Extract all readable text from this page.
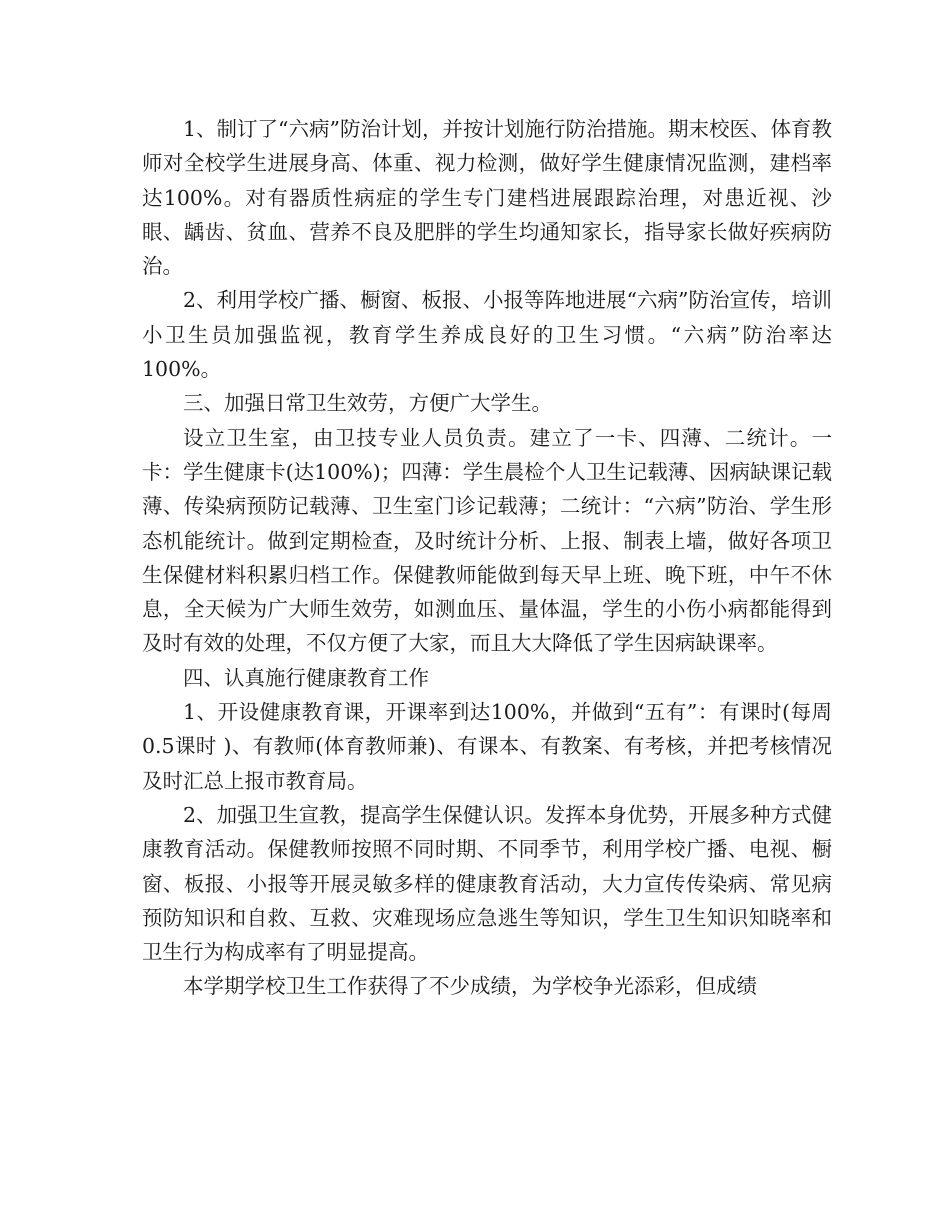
1、制订了“六病”防治计划，并按计划施行防治措施。期末校医、体育教师对全校学生进展身高、体重、视力检测，做好学生健康情况监测，建档率达100%。对有器质性病症的学生专门建档进展跟踪治理，对患近视、沙眼、龋齿、贫血、营养不良及肥胖的学生均通知家长，指导家长做好疾病防治。

2、利用学校广播、橱窗、板报、小报等阵地进展“六病”防治宣传，培训小卫生员加强监视，教育学生养成良好的卫生习惯。“六病”防治率达100%。

三、加强日常卫生效劳，方便广大学生。

设立卫生室，由卫技专业人员负责。建立了一卡、四薄、二统计。一卡：学生健康卡(达100%)；四薄：学生晨检个人卫生记载薄、因病缺课记载薄、传染病预防记载薄、卫生室门诊记载薄；二统计：“六病”防治、学生形态机能统计。做到定期检查，及时统计分析、上报、制表上墙，做好各项卫生保健材料积累归档工作。保健教师能做到每天早上班、晚下班，中午不休息，全天候为广大师生效劳，如测血压、量体温，学生的小伤小病都能得到及时有效的处理，不仅方便了大家，而且大大降低了学生因病缺课率。

四、认真施行健康教育工作

1、开设健康教育课，开课率到达100%，并做到“五有”：有课时(每周0.5课时 )、有教师(体育教师兼)、有课本、有教案、有考核，并把考核情况及时汇总上报市教育局。

2、加强卫生宣教，提高学生保健认识。发挥本身优势，开展多种方式健康教育活动。保健教师按照不同时期、不同季节，利用学校广播、电视、橱窗、板报、小报等开展灵敏多样的健康教育活动，大力宣传传染病、常见病预防知识和自救、互救、灾难现场应急逃生等知识，学生卫生知识知晓率和卫生行为构成率有了明显提高。

本学期学校卫生工作获得了不少成绩，为学校争光添彩，但成绩
